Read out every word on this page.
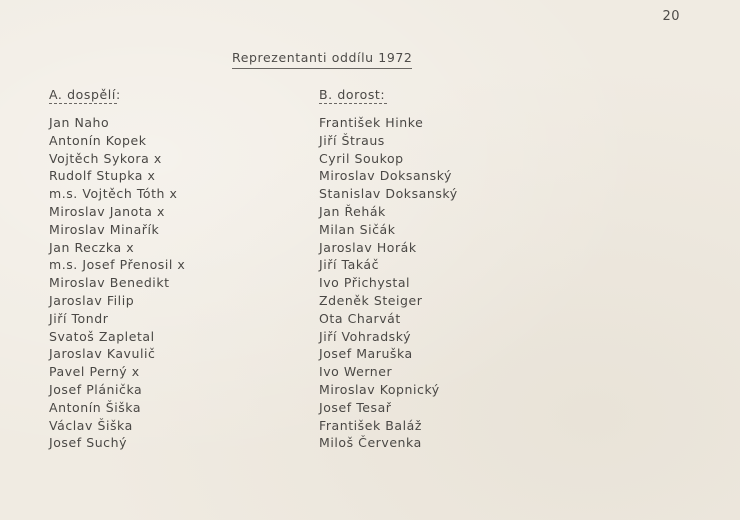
20
Reprezentanti oddílu 1972
A. dospělí:
Jan Naho
Antonín Kopek
Vojtěch Sykora x
Rudolf Stupka x
m.s. Vojtěch Tóth x
Miroslav Janota x
Miroslav Minařík
Jan Reczka x
m.s. Josef Přenosil x
Miroslav Benedikt
Jaroslav Filip
Jiří Tondr
Svatoš Zapletal
Jaroslav Kavulič
Pavel Perný x
Josef Plánička
Antonín Šiška
Václav Šiška
Josef Suchý
B. dorost:
František Hinke
Jiří Štraus
Cyril Soukop
Miroslav Doksanský
Stanislav Doksanský
Jan Řehák
Milan Sičák
Jaroslav Horák
Jiří Takáč
Ivo Přichystal
Zdeněk Steiger
Ota Charvát
Jiří Vohradský
Josef Maruška
Ivo Werner
Miroslav Kopnický
Josef Tesař
František Baláž
Miloš Červenka
